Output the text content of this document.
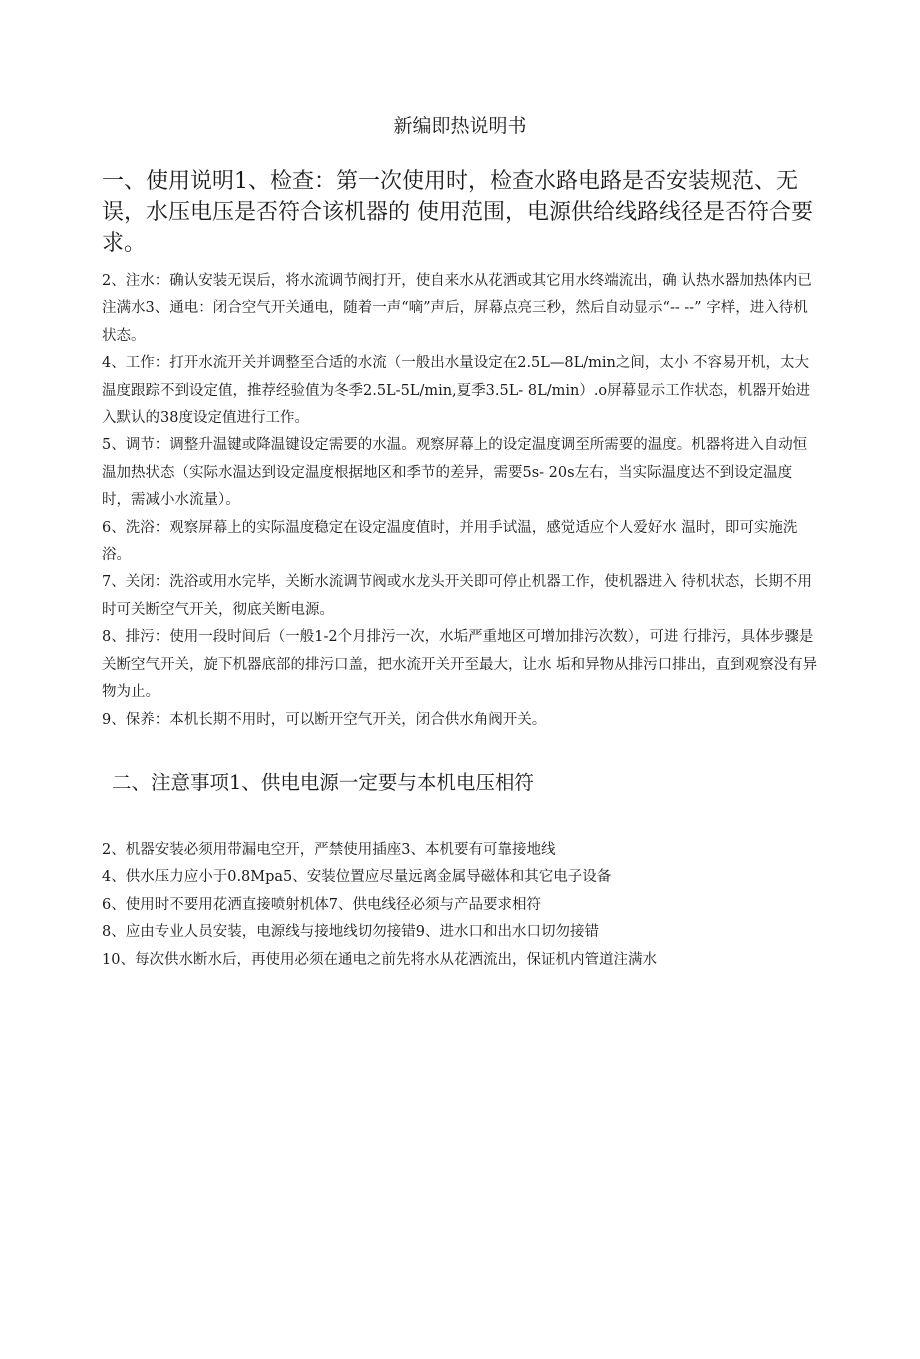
新编即热说明书

一、使用说明1、检查：第一次使用时，检查水路电路是否安装规范、无误，水压电压是否符合该机器的 使用范围，电源供给线路线径是否符合要求。

2、注水：确认安装无误后，将水流调节阀打开，使自来水从花洒或其它用水终端流出，确 认热水器加热体内已注满水3、通电：闭合空气开关通电，随着一声“嘀”声后，屏幕点亮三秒，然后自动显示“-- --” 字样，进入待机状态。
4、工作：打开水流开关并调整至合适的水流（一般出水量设定在2.5L—8L/min之间，太小 不容易开机，太大温度跟踪不到设定值，推荐经验值为冬季2.5L-5L/min,夏季3.5L- 8L/min）.o屏幕显示工作状态，机器开始进入默认的38度设定值进行工作。
5、调节：调整升温键或降温键设定需要的水温。观察屏幕上的设定温度调至所需要的温度。机器将进入自动恒温加热状态（实际水温达到设定温度根据地区和季节的差异，需要5s- 20s左右，当实际温度达不到设定温度时，需减小水流量）。
6、洗浴：观察屏幕上的实际温度稳定在设定温度值时，并用手试温，感觉适应个人爱好水 温时，即可实施洗浴。
7、关闭：洗浴或用水完毕，关断水流调节阀或水龙头开关即可停止机器工作，使机器进入 待机状态，长期不用时可关断空气开关，彻底关断电源。
8、排污：使用一段时间后（一般1-2个月排污一次，水垢严重地区可增加排污次数），可进 行排污，具体步骤是关断空气开关，旋下机器底部的排污口盖，把水流开关开至最大，让水 垢和异物从排污口排出，直到观察没有异物为止。
9、保养：本机长期不用时，可以断开空气开关，闭合供水角阀开关。

二、注意事项1、供电电源一定要与本机电压相符

2、机器安装必须用带漏电空开，严禁使用插座3、本机要有可靠接地线
4、供水压力应小于0.8Mpa5、安装位置应尽量远离金属导磁体和其它电子设备
6、使用时不要用花洒直接喷射机体7、供电线径必须与产品要求相符
8、应由专业人员安装，电源线与接地线切勿接错9、进水口和出水口切勿接错
10、每次供水断水后，再使用必须在通电之前先将水从花洒流出，保证机内管道注满水
